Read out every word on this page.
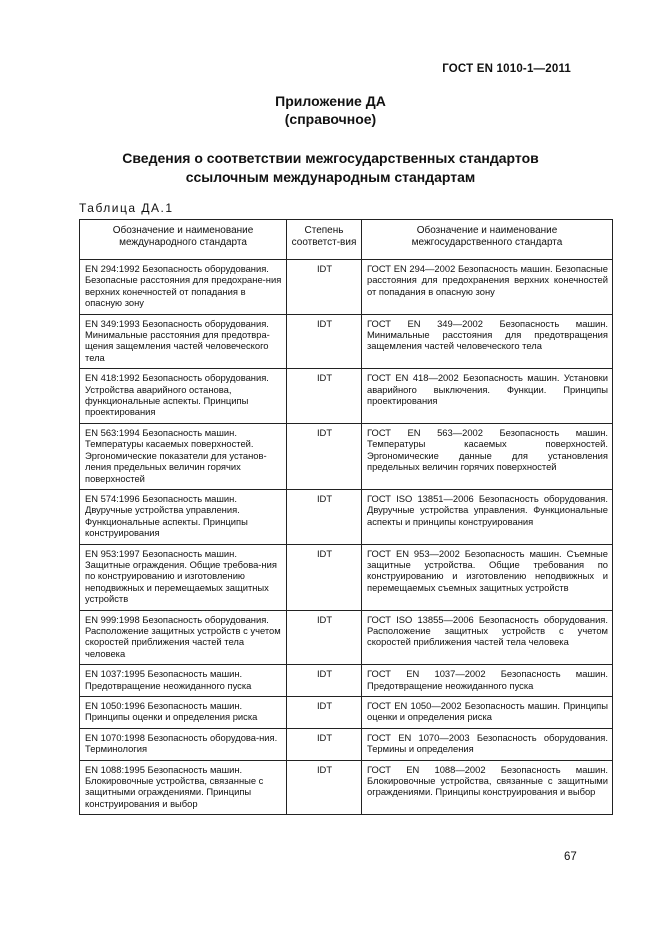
ГОСТ EN 1010-1—2011
Приложение ДА
(справочное)
Сведения о соответствии межгосударственных стандартов
ссылочным международным стандартам
Таблица ДА.1
Обозначение и наименование международного стандарта	Степень соответст-вия	Обозначение и наименование межгосударственного стандарта
EN 294:1992 Безопасность оборудования. Безопасные расстояния для предохране-ния верхних конечностей от попадания в опасную зону	IDT	ГОСТ EN 294—2002 Безопасность машин. Безопасные расстояния для предохранения верхних конечностей от попадания в опасную зону
EN 349:1993 Безопасность оборудования. Минимальные расстояния для предотвра-щения защемления частей человеческого тела	IDT	ГОСТ EN 349—2002 Безопасность машин. Минимальные расстояния для предотвращения защемления частей человеческого тела
EN 418:1992 Безопасность оборудования. Устройства аварийного останова, функциональные аспекты. Принципы проектирования	IDT	ГОСТ EN 418—2002 Безопасность машин. Установки аварийного выключения. Функции. Принципы проектирования
EN 563:1994 Безопасность машин. Температуры касаемых поверхностей. Эргономические показатели для установ-ления предельных величин горячих поверхностей	IDT	ГОСТ EN 563—2002 Безопасность машин. Температуры касаемых поверхностей. Эргономические данные для установления предельных величин горячих поверхностей
EN 574:1996 Безопасность машин. Двуручные устройства управления. Функциональные аспекты. Принципы конструирования	IDT	ГОСТ ISO 13851—2006 Безопасность оборудования. Двуручные устройства управления. Функциональные аспекты и принципы конструирования
EN 953:1997 Безопасность машин. Защитные ограждения. Общие требова-ния по конструированию и изготовлению неподвижных и перемещаемых защитных устройств	IDT	ГОСТ EN 953—2002 Безопасность машин. Съемные защитные устройства. Общие требования по конструированию и изготовлению неподвижных и перемещаемых съемных защитных устройств
EN 999:1998 Безопасность оборудования. Расположение защитных устройств с учетом скоростей приближения частей тела человека	IDT	ГОСТ ISO 13855—2006 Безопасность оборудования. Расположение защитных устройств с учетом скоростей приближения частей тела человека
EN 1037:1995 Безопасность машин. Предотвращение неожиданного пуска	IDT	ГОСТ EN 1037—2002 Безопасность машин. Предотвращение неожиданного пуска
EN 1050:1996 Безопасность машин. Принципы оценки и определения риска	IDT	ГОСТ EN 1050—2002 Безопасность машин. Принципы оценки и определения риска
EN 1070:1998 Безопасность оборудова-ния. Терминология	IDT	ГОСТ EN 1070—2003 Безопасность оборудования. Термины и определения
EN 1088:1995 Безопасность машин. Блокировочные устройства, связанные с защитными ограждениями. Принципы конструирования и выбор	IDT	ГОСТ EN 1088—2002 Безопасность машин. Блокировочные устройства, связанные с защитными ограждениями. Принципы конструирования и выбор
67
